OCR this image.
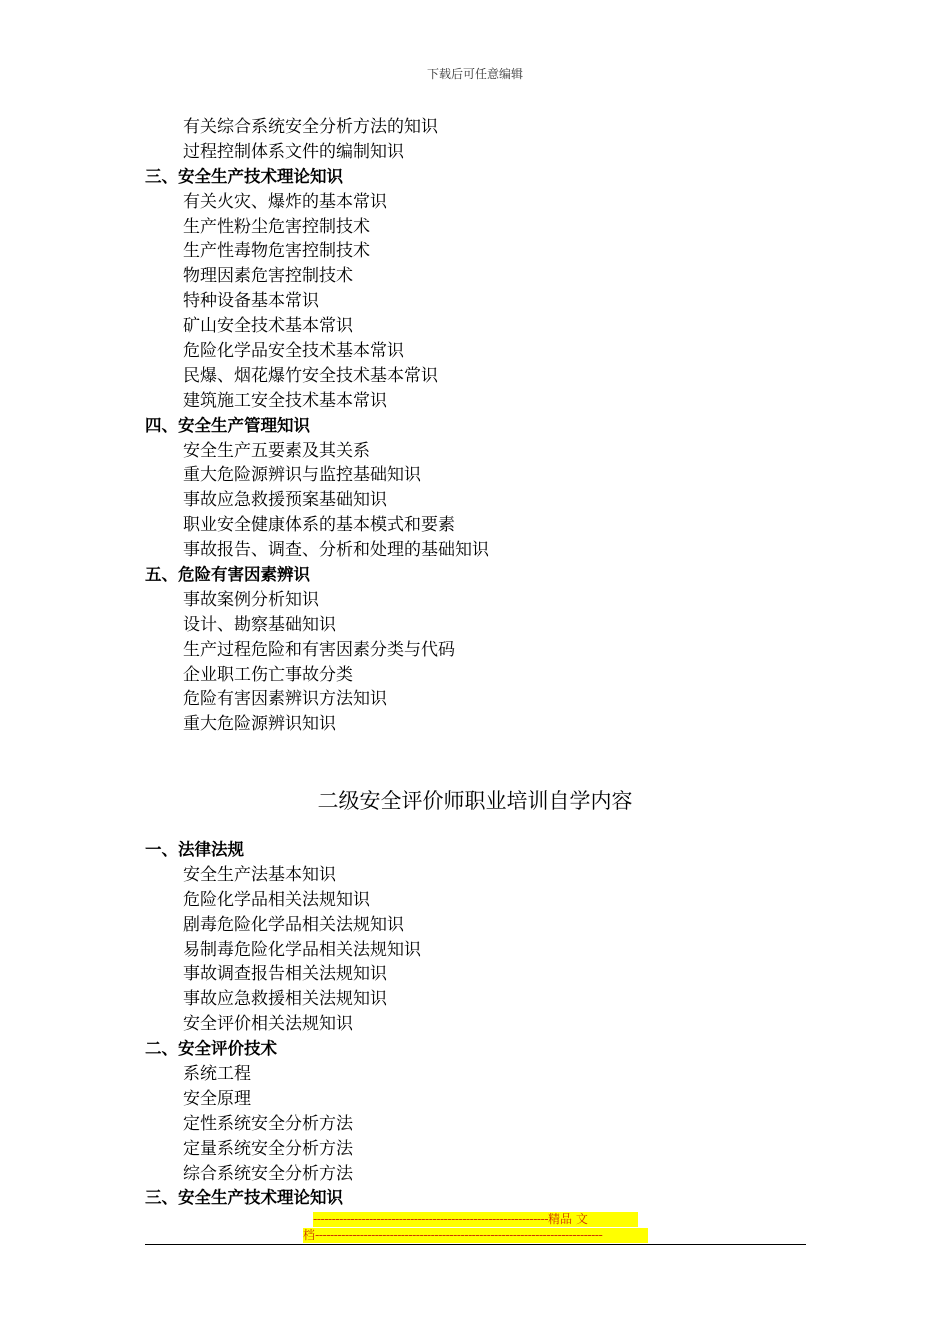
下载后可任意编辑
有关综合系统安全分析方法的知识
过程控制体系文件的编制知识
三、安全生产技术理论知识
有关火灾、爆炸的基本常识
生产性粉尘危害控制技术
生产性毒物危害控制技术
物理因素危害控制技术
特种设备基本常识
矿山安全技术基本常识
危险化学品安全技术基本常识
民爆、烟花爆竹安全技术基本常识
建筑施工安全技术基本常识
四、安全生产管理知识
安全生产五要素及其关系
重大危险源辨识与监控基础知识
事故应急救援预案基础知识
职业安全健康体系的基本模式和要素
事故报告、调查、分析和处理的基础知识
五、危险有害因素辨识
事故案例分析知识
设计、勘察基础知识
生产过程危险和有害因素分类与代码
企业职工伤亡事故分类
危险有害因素辨识方法知识
重大危险源辨识知识
二级安全评价师职业培训自学内容
一、法律法规
安全生产法基本知识
危险化学品相关法规知识
剧毒危险化学品相关法规知识
易制毒危险化学品相关法规知识
事故调查报告相关法规知识
事故应急救援相关法规知识
安全评价相关法规知识
二、安全评价技术
系统工程
安全原理
定性系统安全分析方法
定量系统安全分析方法
综合系统安全分析方法
三、安全生产技术理论知识
---------------------------------------------------------------精品 文
档-----------------------------------------------------------------------------
